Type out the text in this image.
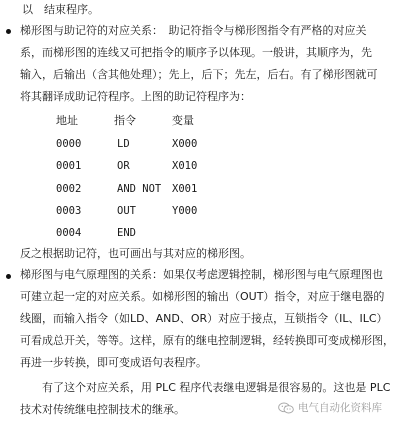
以　结束程序。
梯形图与助记符的对应关系：　助记符指令与梯形图指令有严格的对应关
系，而梯形图的连线又可把指令的顺序予以体现。一般讲，其顺序为，先
输入，后输出（含其他处理）；先上，后下；先左，后右。有了梯形图就可
将其翻译成助记符程序。上图的助记符程序为：
地址	指令	变量
0000	LD	X000
0001	OR	X010
0002	AND NOT X001
0003	OUT	Y000
0004	END
反之根据助记符，也可画出与其对应的梯形图。
梯形图与电气原理图的关系：如果仅考虑逻辑控制，梯形图与电气原理图也
可建立起一定的对应关系。如梯形图的输出（OUT）指令，对应于继电器的
线圈，而输入指令（如LD、AND、OR）对应于接点，互锁指令（IL、ILC）
可看成总开关，等等。这样，原有的继电控制逻辑，经转换即可变成梯形图，
再进一步转换，即可变成语句表程序。
有了这个对应关系，用 PLC 程序代表继电逻辑是很容易的。这也是 PLC
技术对传统继电控制技术的继承。	电气自动化资料库
